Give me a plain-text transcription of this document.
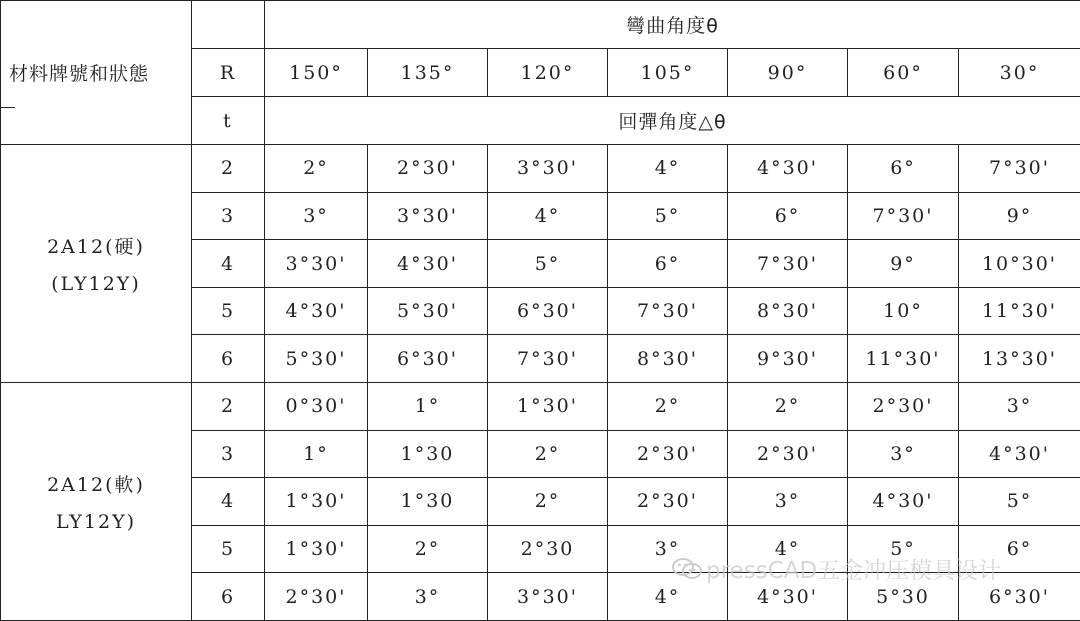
材料牌號和狀態		彎曲角度θ						
	R	150°	135°	120°	105°	90°	60°	30°
	t	回彈角度△θ						

2A12(硬)
(LY12Y)	2	2°	2°30'	3°30'	4°	4°30'	6°	7°30'
	3	3°	3°30'	4°	5°	6°	7°30'	9°
	4	3°30'	4°30'	5°	6°	7°30'	9°	10°30'
	5	4°30'	5°30'	6°30'	7°30'	8°30'	10°	11°30'
	6	5°30'	6°30'	7°30'	8°30'	9°30'	11°30'	13°30'

2A12(軟)
LY12Y)	2	0°30'	1°	1°30'	2°	2°	2°30'	3°
	3	1°	1°30	2°	2°30'	2°30'	3°	4°30'
	4	1°30'	1°30	2°	2°30'	3°	4°30'	5°
	5	1°30'	2°	2°30	3°	4°	5°	6°
	6	2°30'	3°	3°30'	4°	4°30'	5°30	6°30'
pressCAD五金冲压模具设计
